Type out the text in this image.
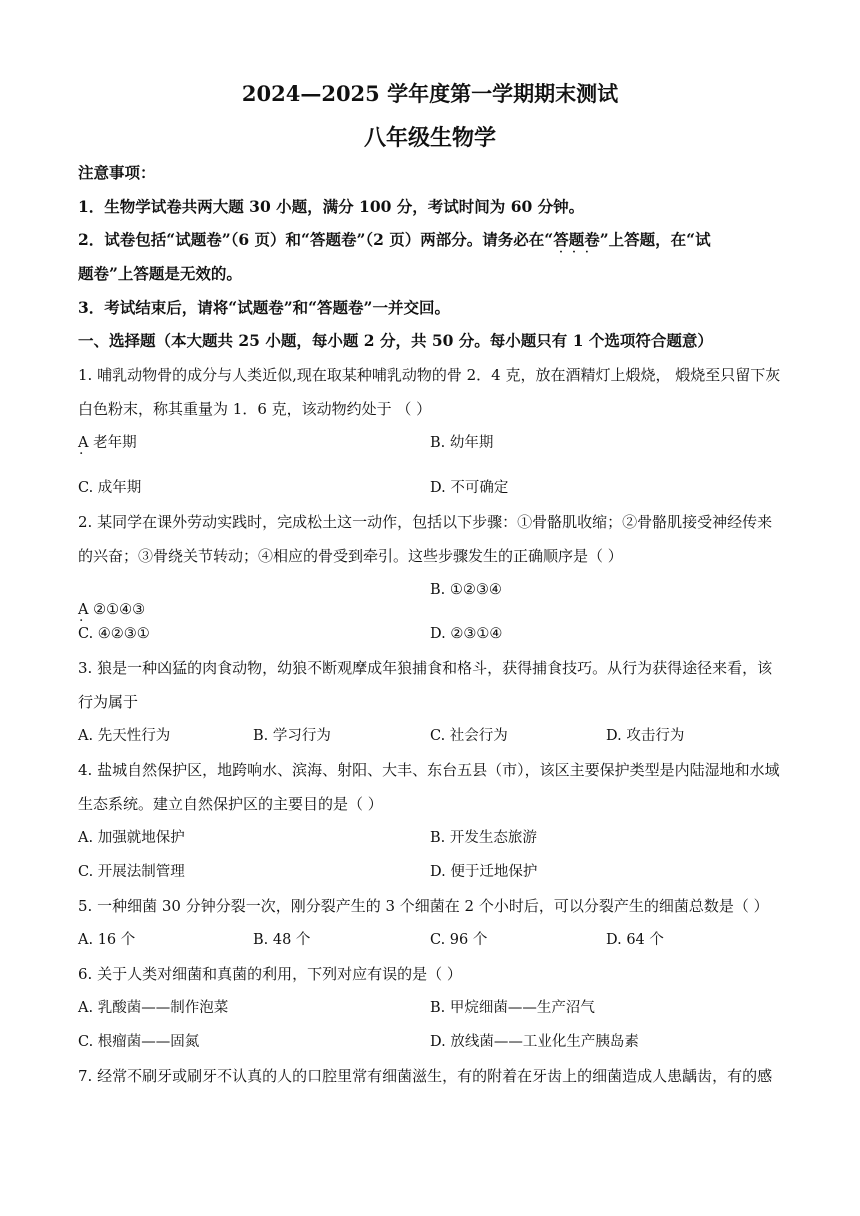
2024—2025 学年度第一学期期末测试
八年级生物学
注意事项：
1．生物学试卷共两大题 30 小题，满分 100 分，考试时间为 60 分钟。
2．试卷包括“试题卷”（6 页）和“答题卷”（2 页）两部分。请务必在“答题卷 · · ·”上答题，在“试
题卷”上答题是无效的。
3．考试结束后，请将“试题卷”和“答题卷”一并交回。
一、选择题（本大题共 25 小题，每小题 2 分，共 50 分。每小题只有 1 个选项符合题意）
1. 哺乳动物骨的成分与人类近似,现在取某种哺乳动物的骨 2．4 克，放在酒精灯上煅烧， 煅烧至只留下灰
白色粉末，称其重量为 1．6 克，该动物约处于 （ ）
A 老年期 ·	B. 幼年期
C. 成年期	D. 不可确定
2. 某同学在课外劳动实践时，完成松土这一动作，包括以下步骤：①骨骼肌收缩；②骨骼肌接受神经传来
的兴奋；③骨绕关节转动；④相应的骨受到牵引。这些步骤发生的正确顺序是（ ）
A ②①④③ ·
B. ①②③④
C. ④②③①	D. ②③①④
3. 狼是一种凶猛的肉食动物，幼狼不断观摩成年狼捕食和格斗，获得捕食技巧。从行为获得途径来看，该
行为属于
A. 先天性行为	B. 学习行为	C. 社会行为	D. 攻击行为
4. 盐城自然保护区，地跨响水、滨海、射阳、大丰、东台五县（市），该区主要保护类型是内陆湿地和水域
生态系统。建立自然保护区的主要目的是（ ）
A. 加强就地保护	B. 开发生态旅游
C. 开展法制管理	D. 便于迁地保护
5. 一种细菌 30 分钟分裂一次，刚分裂产生的 3 个细菌在 2 个小时后，可以分裂产生的细菌总数是（ ）
A. 16 个	B. 48 个	C. 96 个	D. 64 个
6. 关于人类对细菌和真菌的利用，下列对应有误的是（ ）
A. 乳酸菌——制作泡菜	B. 甲烷细菌——生产沼气
C. 根瘤菌——固氮	D. 放线菌——工业化生产胰岛素
7. 经常不刷牙或刷牙不认真的人的口腔里常有细菌滋生，有的附着在牙齿上的细菌造成人患龋齿，有的感
